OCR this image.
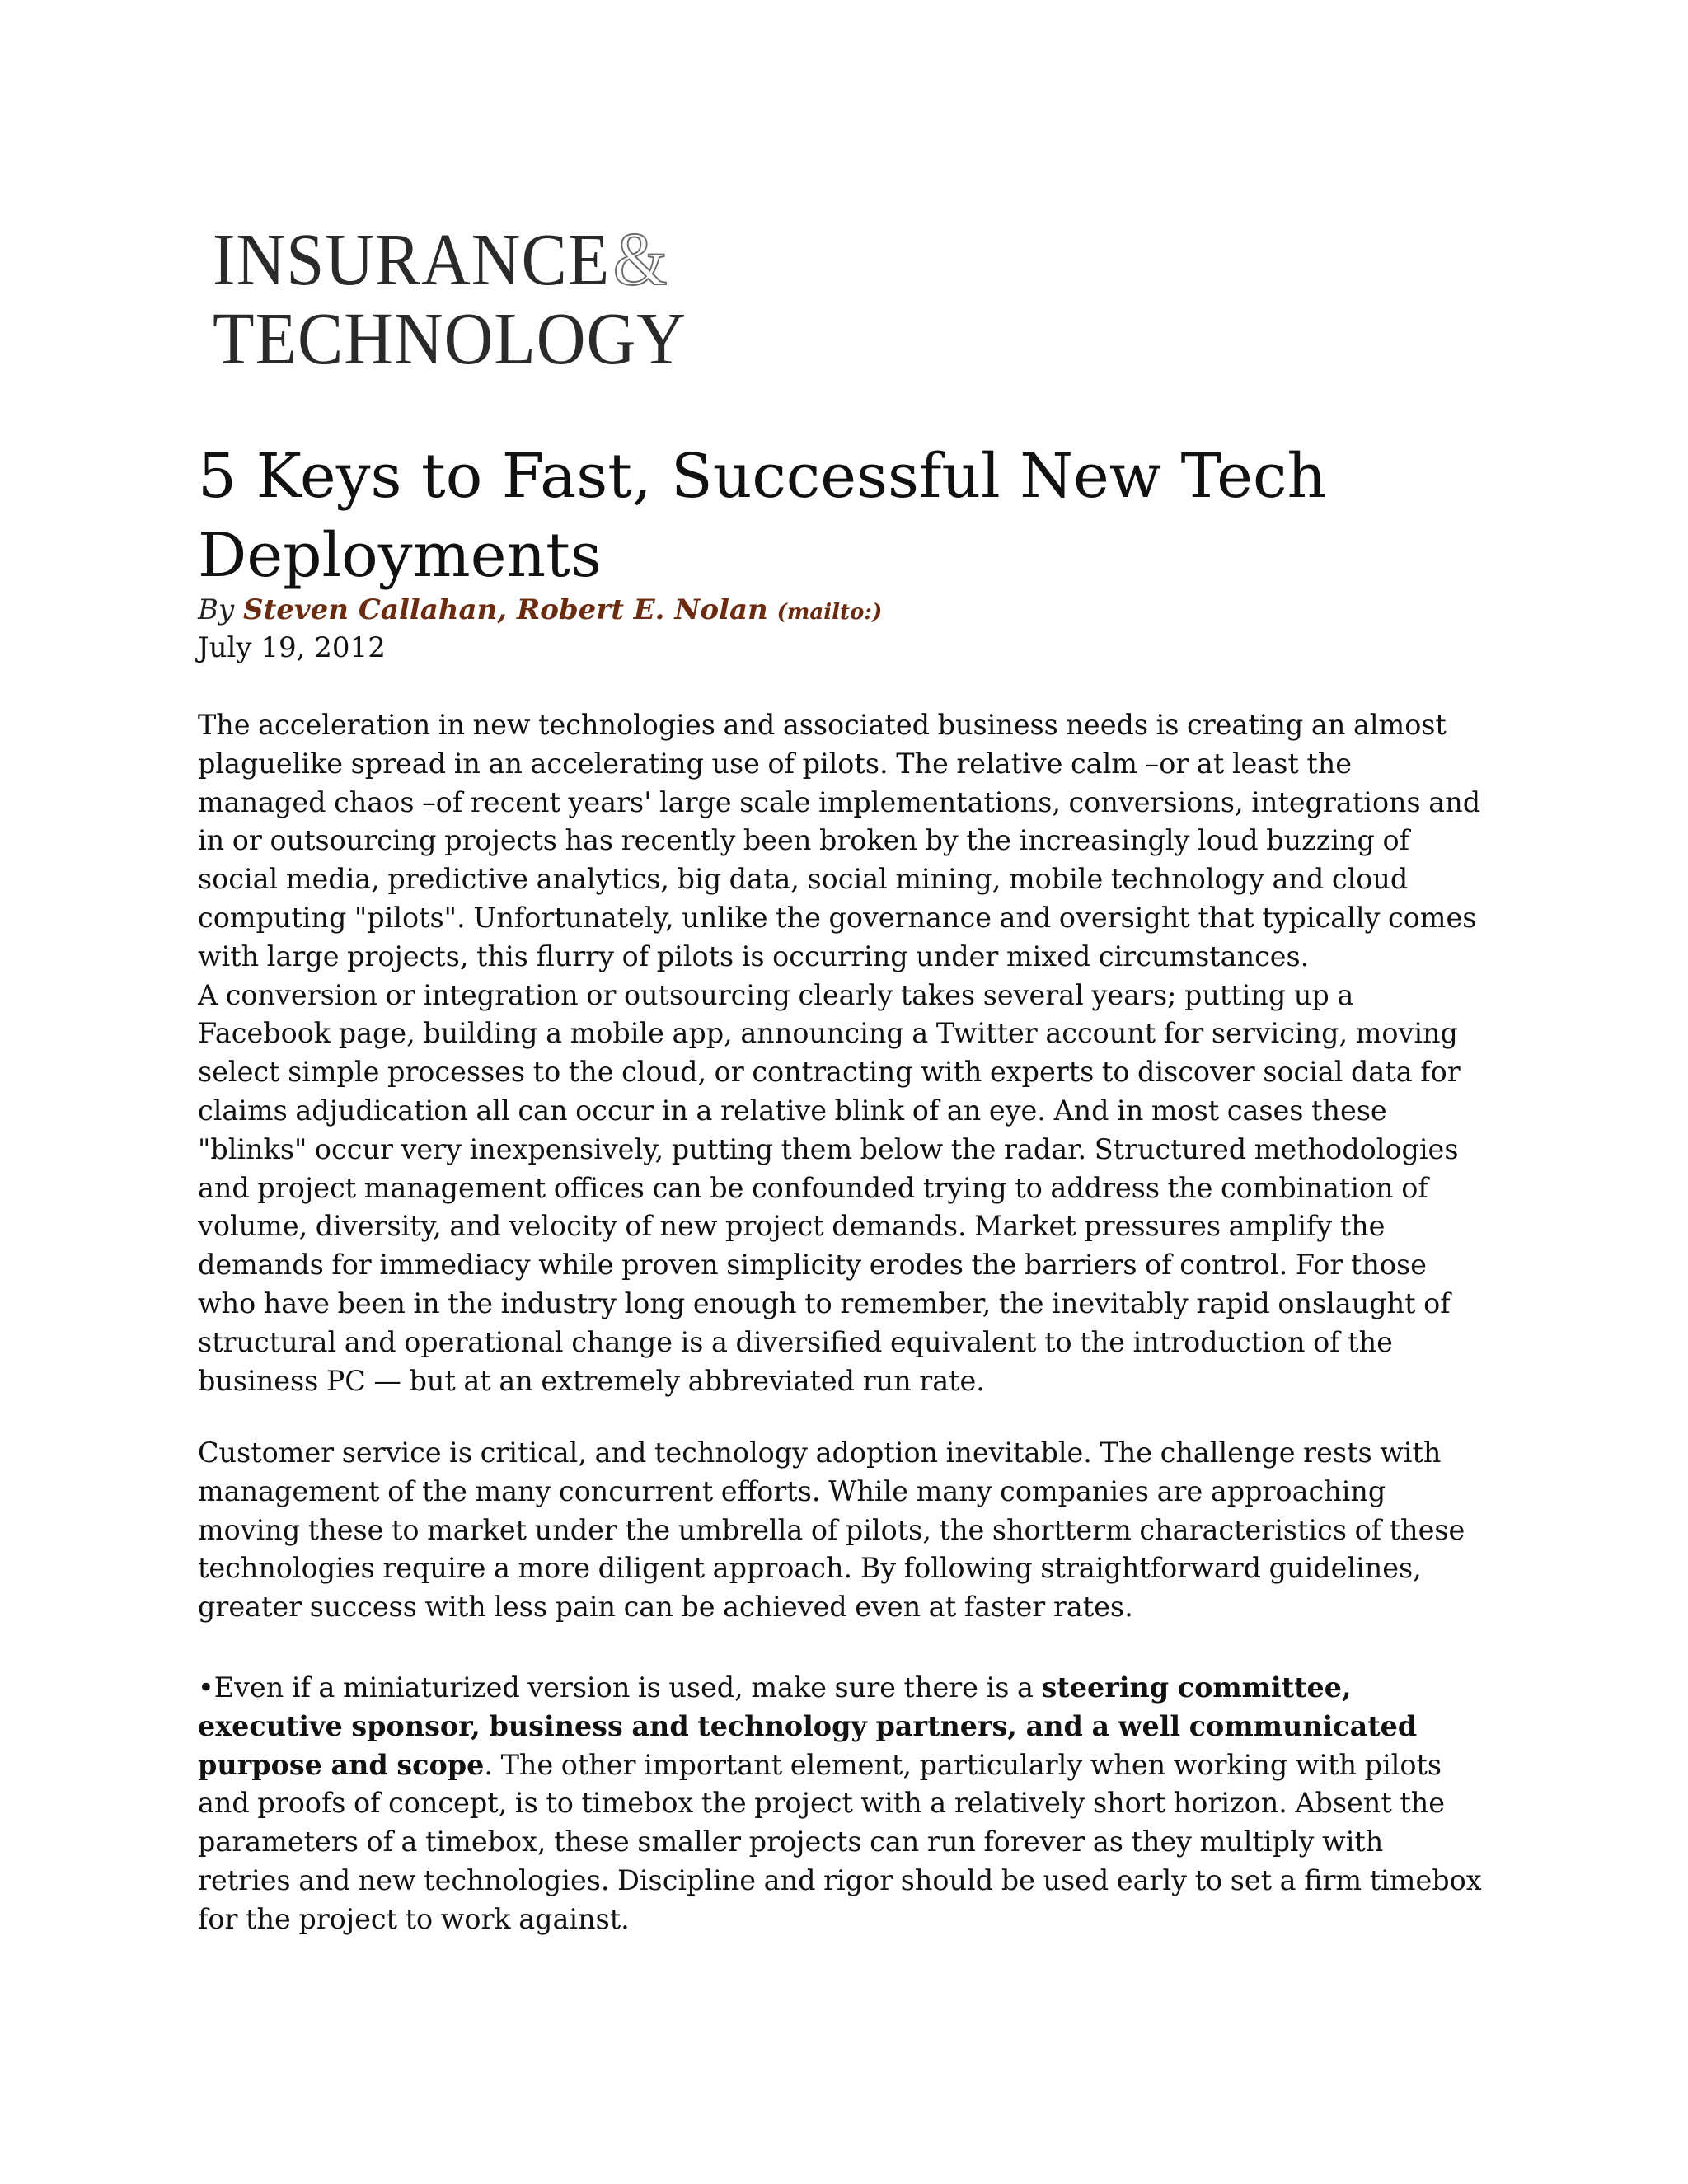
INSURANCE&
TECHNOLOGY
5 Keys to Fast, Successful New Tech Deployments
By Steven Callahan, Robert E. Nolan (mailto:)
July 19, 2012

The acceleration in new technologies and associated business needs is creating an almost plaguelike spread in an accelerating use of pilots. The relative calm –or at least the managed chaos –of recent years' large scale implementations, conversions, integrations and in or outsourcing projects has recently been broken by the increasingly loud buzzing of social media, predictive analytics, big data, social mining, mobile technology and cloud computing "pilots". Unfortunately, unlike the governance and oversight that typically comes with large projects, this flurry of pilots is occurring under mixed circumstances.
A conversion or integration or outsourcing clearly takes several years; putting up a Facebook page, building a mobile app, announcing a Twitter account for servicing, moving select simple processes to the cloud, or contracting with experts to discover social data for claims adjudication all can occur in a relative blink of an eye. And in most cases these "blinks" occur very inexpensively, putting them below the radar. Structured methodologies and project management offices can be confounded trying to address the combination of volume, diversity, and velocity of new project demands. Market pressures amplify the demands for immediacy while proven simplicity erodes the barriers of control. For those who have been in the industry long enough to remember, the inevitably rapid onslaught of structural and operational change is a diversified equivalent to the introduction of the business PC — but at an extremely abbreviated run rate.

Customer service is critical, and technology adoption inevitable. The challenge rests with management of the many concurrent efforts. While many companies are approaching moving these to market under the umbrella of pilots, the shortterm characteristics of these technologies require a more diligent approach. By following straightforward guidelines, greater success with less pain can be achieved even at faster rates.

•Even if a miniaturized version is used, make sure there is a steering committee, executive sponsor, business and technology partners, and a well communicated purpose and scope. The other important element, particularly when working with pilots and proofs of concept, is to timebox the project with a relatively short horizon. Absent the parameters of a timebox, these smaller projects can run forever as they multiply with retries and new technologies. Discipline and rigor should be used early to set a firm timebox for the project to work against.
